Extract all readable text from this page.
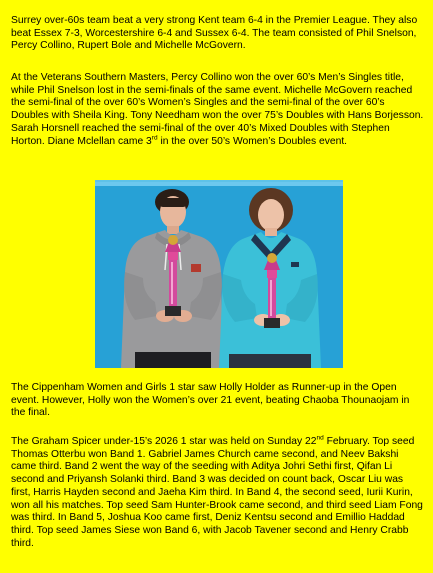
Surrey over-60s team beat a very strong Kent team 6-4 in the Premier League. They also beat Essex 7-3, Worcestershire 6-4 and Sussex 6-4. The team consisted of Phil Snelson, Percy Collino, Rupert Bole and Michelle McGovern.

At the Veterans Southern Masters, Percy Collino won the over 60’s Men’s Singles title, while Phil Snelson lost in the semi-finals of the same event. Michelle McGovern reached the semi-final of the over 60’s Women’s Singles and the semi-final of the over 60’s Doubles with Sheila King. Tony Needham won the over 75’s Doubles with Hans Borjesson. Sarah Horsnell reached the semi-final of the over 40’s Mixed Doubles with Stephen Horton. Diane Mclellan came 3rd in the over 50’s Women’s Doubles event.

The Cippenham Women and Girls 1 star saw Holly Holder as Runner-up in the Open event. However, Holly won the Women’s over 21 event, beating Chaoba Thounaojam in the final.

The Graham Spicer under-15’s 2026 1 star was held on Sunday 22nd February. Top seed Thomas Otterbu won Band 1. Gabriel James Church came second, and Neev Bakshi came third. Band 2 went the way of the seeding with Aditya Johri Sethi first, Qifan Li second and Priyansh Solanki third. Band 3 was decided on count back, Oscar Liu was first, Harris Hayden second and Jaeha Kim third. In Band 4, the second seed, Iurii Kurin, won all his matches. Top seed Sam Hunter-Brook came second, and third seed Liam Fong was third. In Band 5, Joshua Koo came first, Deniz Kentsu second and Emillio Haddad third. Top seed James Siese won Band 6, with Jacob Tavener second and Henry Crabb third.
